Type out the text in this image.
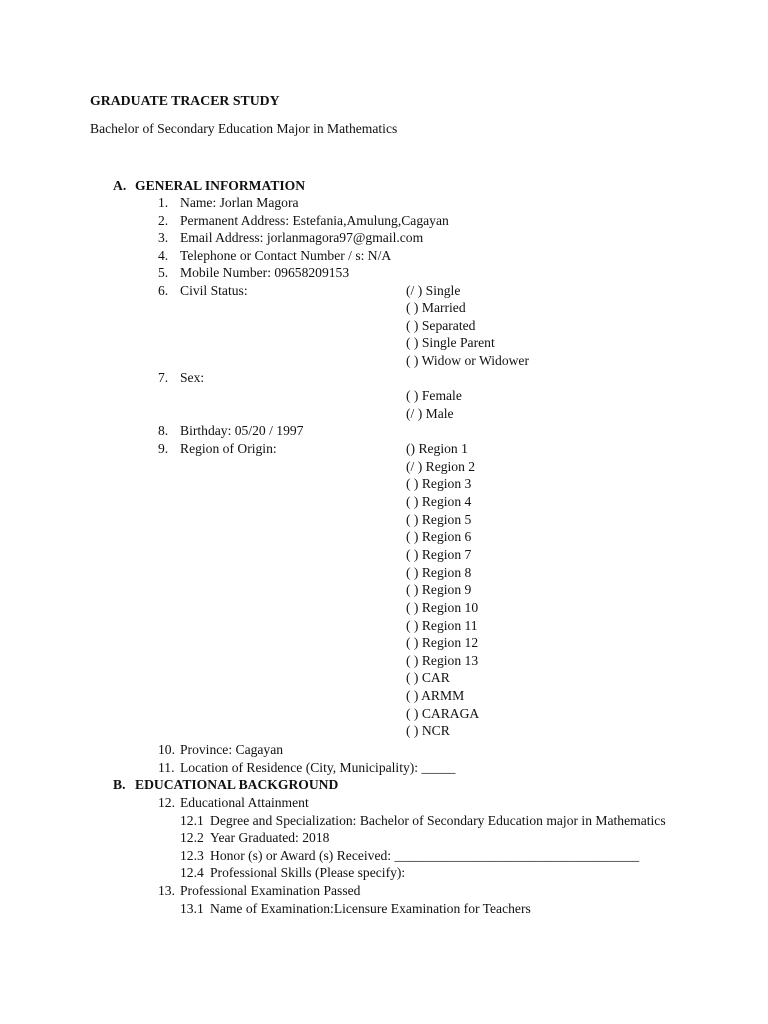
GRADUATE TRACER STUDY
Bachelor of Secondary Education Major in Mathematics
A. GENERAL INFORMATION
1. Name: Jorlan Magora
2. Permanent Address: Estefania,Amulung,Cagayan
3. Email Address: jorlanmagora97@gmail.com
4. Telephone or Contact Number / s: N/A
5. Mobile Number: 09658209153
6. Civil Status:	(/ ) Single
( ) Married
( ) Separated
( ) Single Parent
( ) Widow or Widower
7. Sex:
( ) Female
(/ ) Male
8. Birthday: 05/20 / 1997
9. Region of Origin:	() Region 1
(/ ) Region 2
( ) Region 3
( ) Region 4
( ) Region 5
( ) Region 6
( ) Region 7
( ) Region 8
( ) Region 9
( ) Region 10
( ) Region 11
( ) Region 12
( ) Region 13
( ) CAR
( ) ARMM
( ) CARAGA
( ) NCR
10. Province: Cagayan
11. Location of Residence (City, Municipality): _____
B. EDUCATIONAL BACKGROUND
12. Educational Attainment
12.1 Degree and Specialization: Bachelor of Secondary Education major in Mathematics
12.2 Year Graduated: 2018
12.3 Honor (s) or Award (s) Received: ____________________________________
12.4 Professional Skills (Please specify):
13. Professional Examination Passed
13.1 Name of Examination:Licensure Examination for Teachers
